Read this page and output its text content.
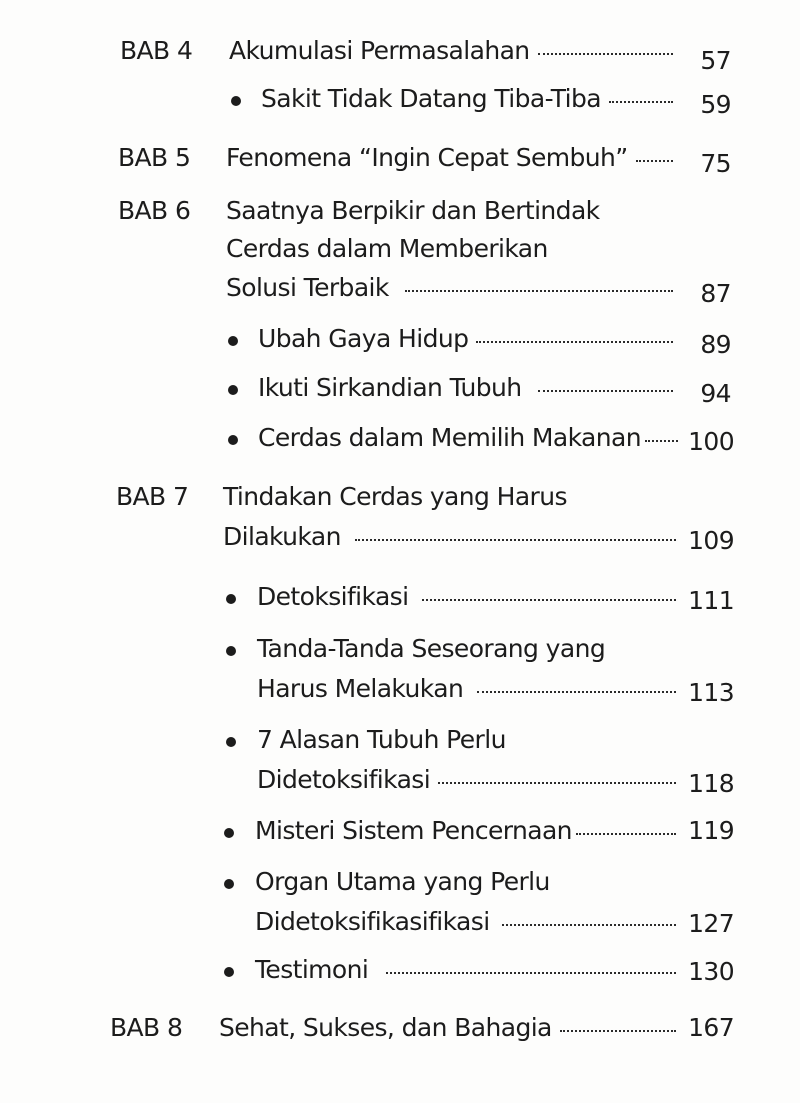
BAB 4 Akumulasi Permasalahan	57
Sakit Tidak Datang Tiba-Tiba	59
BAB 5 Fenomena “Ingin Cepat Sembuh”	75
BAB 6 Saatnya Berpikir dan Bertindak
Cerdas dalam Memberikan
Solusi Terbaik	87
Ubah Gaya Hidup	89
Ikuti Sirkandian Tubuh	94
Cerdas dalam Memilih Makanan 100
BAB 7 Tindakan Cerdas yang Harus
Dilakukan	109
Detoksifikasi	111
Tanda-Tanda Seseorang yang
Harus Melakukan	113
7 Alasan Tubuh Perlu
Didetoksifikasi	118
Misteri Sistem Pencernaan	119
Organ Utama yang Perlu
Didetoksifikasifikasi	127
Testimoni	130
BAB 8 Sehat, Sukses, dan Bahagia	167
